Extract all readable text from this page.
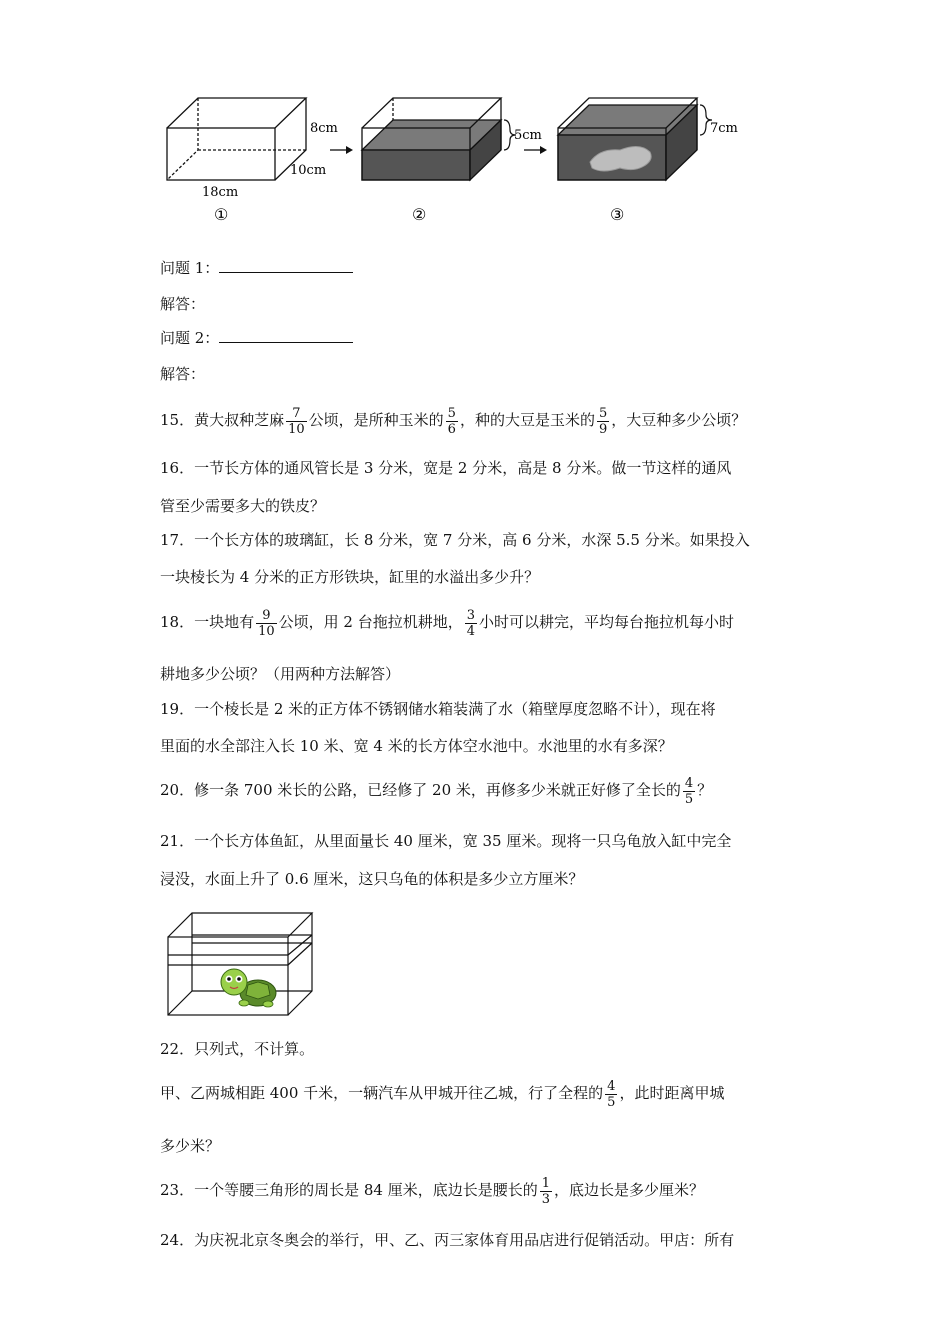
8cm
10cm
18cm
①
5cm
②
7cm
③
问题 1：
解答：
问题 2：
解答：
15．黄大叔种芝麻 $\frac{7}{10}$ 公顷，是所种玉米的 $\frac{5}{6}$ ，种的大豆是玉米的 $\frac{5}{9}$ ，大豆种多少公顷？
16．一节长方体的通风管长是 3 分米，宽是 2 分米，高是 8 分米。做一节这样的通风
管至少需要多大的铁皮？
17．一个长方体的玻璃缸，长 8 分米，宽 7 分米，高 6 分米，水深 5.5 分米。如果投入
一块棱长为 4 分米的正方形铁块，缸里的水溢出多少升？
18．一块地有 $\frac{9}{10}$ 公顷，用 2 台拖拉机耕地， $\frac{3}{4}$ 小时可以耕完，平均每台拖拉机每小时
耕地多少公顷？（用两种方法解答）
19．一个棱长是 2 米的正方体不锈钢储水箱装满了水（箱壁厚度忽略不计），现在将
里面的水全部注入长 10 米、宽 4 米的长方体空水池中。水池里的水有多深？
20．修一条 700 米长的公路，已经修了 20 米，再修多少米就正好修了全长的 $\frac{4}{5}$ ？
21．一个长方体鱼缸，从里面量长 40 厘米，宽 35 厘米。现将一只乌龟放入缸中完全
浸没，水面上升了 0.6 厘米，这只乌龟的体积是多少立方厘米？
22．只列式，不计算。
甲、乙两城相距 400 千米，一辆汽车从甲城开往乙城，行了全程的 $\frac{4}{5}$ ，此时距离甲城
多少米？
23．一个等腰三角形的周长是 84 厘米，底边长是腰长的 $\frac{1}{3}$ ，底边长是多少厘米？
24．为庆祝北京冬奥会的举行，甲、乙、丙三家体育用品店进行促销活动。甲店：所有
